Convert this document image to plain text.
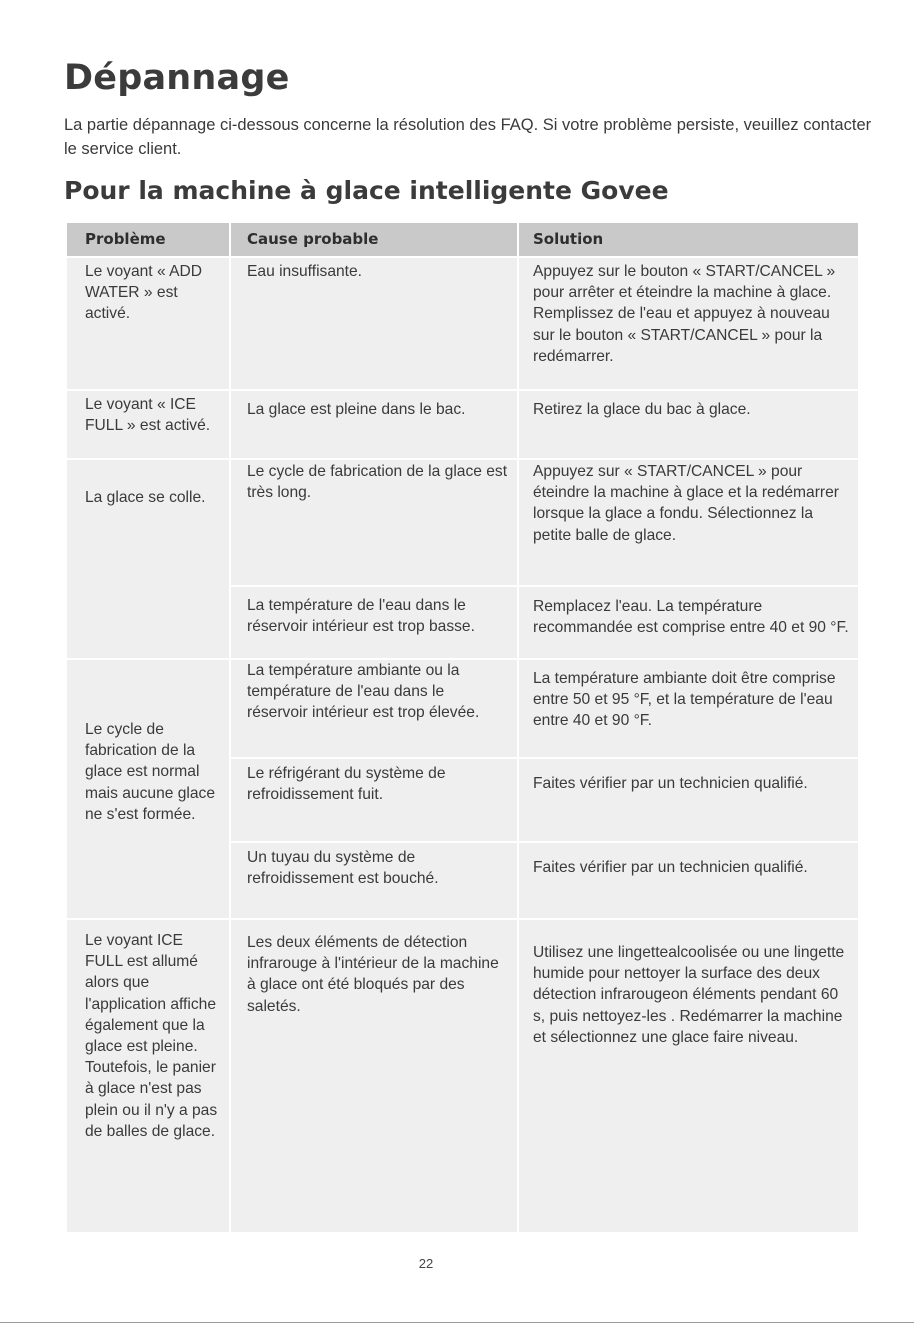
Dépannage

La partie dépannage ci-dessous concerne la résolution des FAQ. Si votre problème persiste, veuillez contacter le service client.

Pour la machine à glace intelligente Govee
Problème	Cause probable	Solution
Le voyant « ADD WATER » est activé.
Le voyant « ICE FULL » est activé.
La glace se colle.
Le cycle de fabrication de la glace est normal mais aucune glace ne s'est formée.
Le voyant ICE FULL est allumé alors que l'application affiche également que la glace est pleine. Toutefois, le panier à glace n'est pas plein ou il n'y a pas de balles de glace.
Eau insuffisante.
La glace est pleine dans le bac.
Le cycle de fabrication de la glace est très long.
La température de l'eau dans le réservoir intérieur est trop basse.
La température ambiante ou la température de l'eau dans le réservoir intérieur est trop élevée.
Le réfrigérant du système de refroidissement fuit.
Un tuyau du système de refroidissement est bouché.
Les deux éléments de détection infrarouge à l'intérieur de la machine à glace ont été bloqués par des saletés.
Appuyez sur le bouton « START/CANCEL » pour arrêter et éteindre la machine à glace. Remplissez de l'eau et appuyez à nouveau sur le bouton « START/CANCEL » pour la redémarrer.
Retirez la glace du bac à glace.
Appuyez sur « START/CANCEL » pour éteindre la machine à glace et la redémarrer lorsque la glace a fondu. Sélectionnez la petite balle de glace.
Remplacez l'eau. La température recommandée est comprise entre 40 et 90 °F.
La température ambiante doit être comprise entre 50 et 95 °F, et la température de l'eau entre 40 et 90 °F.
Faites vérifier par un technicien qualifié.
Faites vérifier par un technicien qualifié.
Utilisez une lingettealcoolisée ou une lingette humide pour nettoyer la surface des deux détection infrarougeon éléments pendant 60 s, puis nettoyez-les . Redémarrer la machine et sélectionnez une glace faire niveau.
22
